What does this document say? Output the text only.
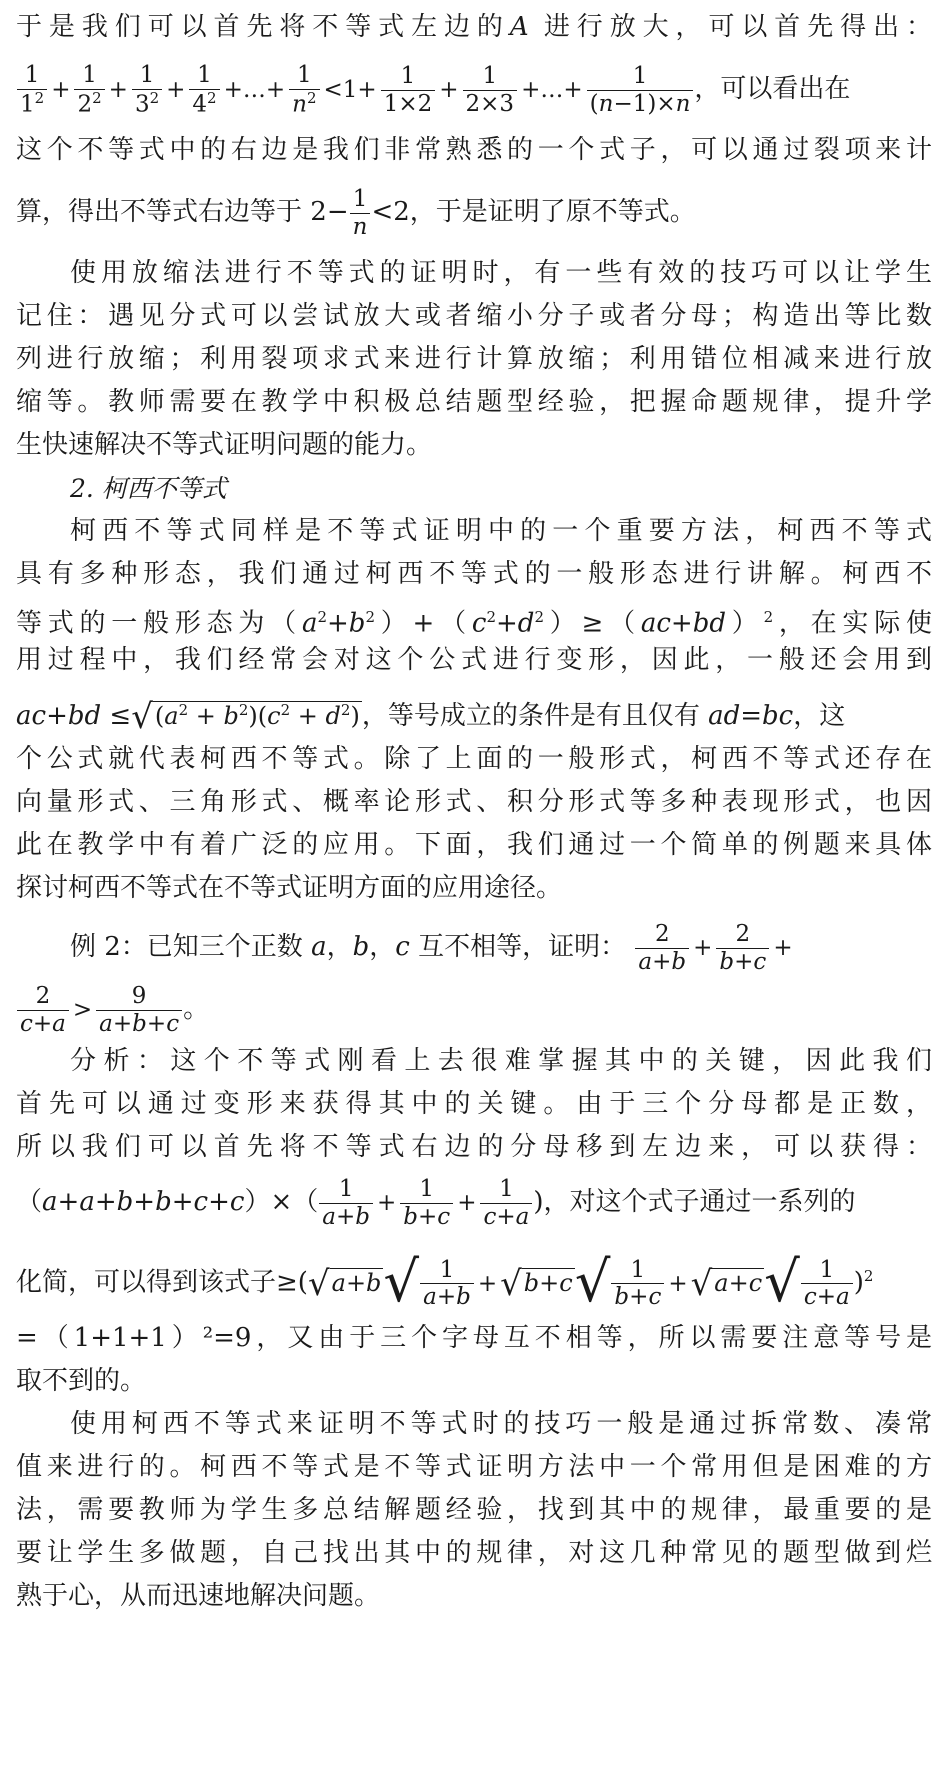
于是我们可以首先将不等式左边的A 进行放大，可以首先得出：
1
$1^2 + \frac{1}{2^2} + \frac{1}{3^2} + \frac{1}{4^2}$ +…+ $\frac{1}{n^2} <1+ \frac{1}{1\times 2} + \frac{1}{2\times 3}$ +…+ $\frac{1}{(n-1)\times n}$ ，可以看出在
这个不等式中的右边是我们非常熟悉的一个式子，可以通过裂项来计
算，得出不等式右边等于 $2- \frac{1}{n} <2$，于是证明了原不等式。
使用放缩法进行不等式的证明时，有一些有效的技巧可以让学生
记住：遇见分式可以尝试放大或者缩小分子或者分母；构造出等比数
列进行放缩；利用裂项求式来进行计算放缩；利用错位相减来进行放
缩等。教师需要在教学中积极总结题型经验，把握命题规律，提升学
生快速解决不等式证明问题的能力。
2. 柯西不等式
柯西不等式同样是不等式证明中的一个重要方法，柯西不等式
具有多种形态，我们通过柯西不等式的一般形态进行讲解。柯西不
等式的一般形态为$(a^2+b^2)+(c^2+d^2)\ge(ac+bd)^2$，在实际使
用过程中，我们经常会对这个公式进行变形，因此，一般还会用到
$ac+bd \le√(a^2 + b^2)(c^2 + d^2)$，等号成立的条件是有且仅有 ad=bc，这
个公式就代表柯西不等式。除了上面的一般形式，柯西不等式还存在
向量形式、三角形式、概率论形式、积分形式等多种表现形式，也因
此在教学中有着广泛的应用。下面，我们通过一个简单的例题来具体
探讨柯西不等式在不等式证明方面的应用途径。
例 2：已知三个正数 a，b，c 互不相等，证明： $\frac{2}{a+b} + \frac{2}{b+c}$ +
$\frac{2}{c+a} > \frac{9}{a+b+c}$ 。
分析：这个不等式刚看上去很难掌握其中的关键，因此我们
首先可以通过变形来获得其中的关键。由于三个分母都是正数，
所以我们可以首先将不等式右边的分母移到左边来，可以获得：
$(a+a+b+b+c+c)\times( \frac{1}{a+b} + \frac{1}{b+c} + \frac{1}{c+a}$ )，对这个式子通过一系列的
化简，可以得到该式子$\ge(√a+b√ \frac{1}{a+b} +√b+c√ \frac{1}{b+c} +√a+c√ \frac{1}{c+a} )^2$
=（1+1+1）²=9，又由于三个字母互不相等，所以需要注意等号是
取不到的。
使用柯西不等式来证明不等式时的技巧一般是通过拆常数、凑常
值来进行的。柯西不等式是不等式证明方法中一个常用但是困难的方
法，需要教师为学生多总结解题经验，找到其中的规律，最重要的是
要让学生多做题，自己找出其中的规律，对这几种常见的题型做到烂
熟于心，从而迅速地解决问题。
